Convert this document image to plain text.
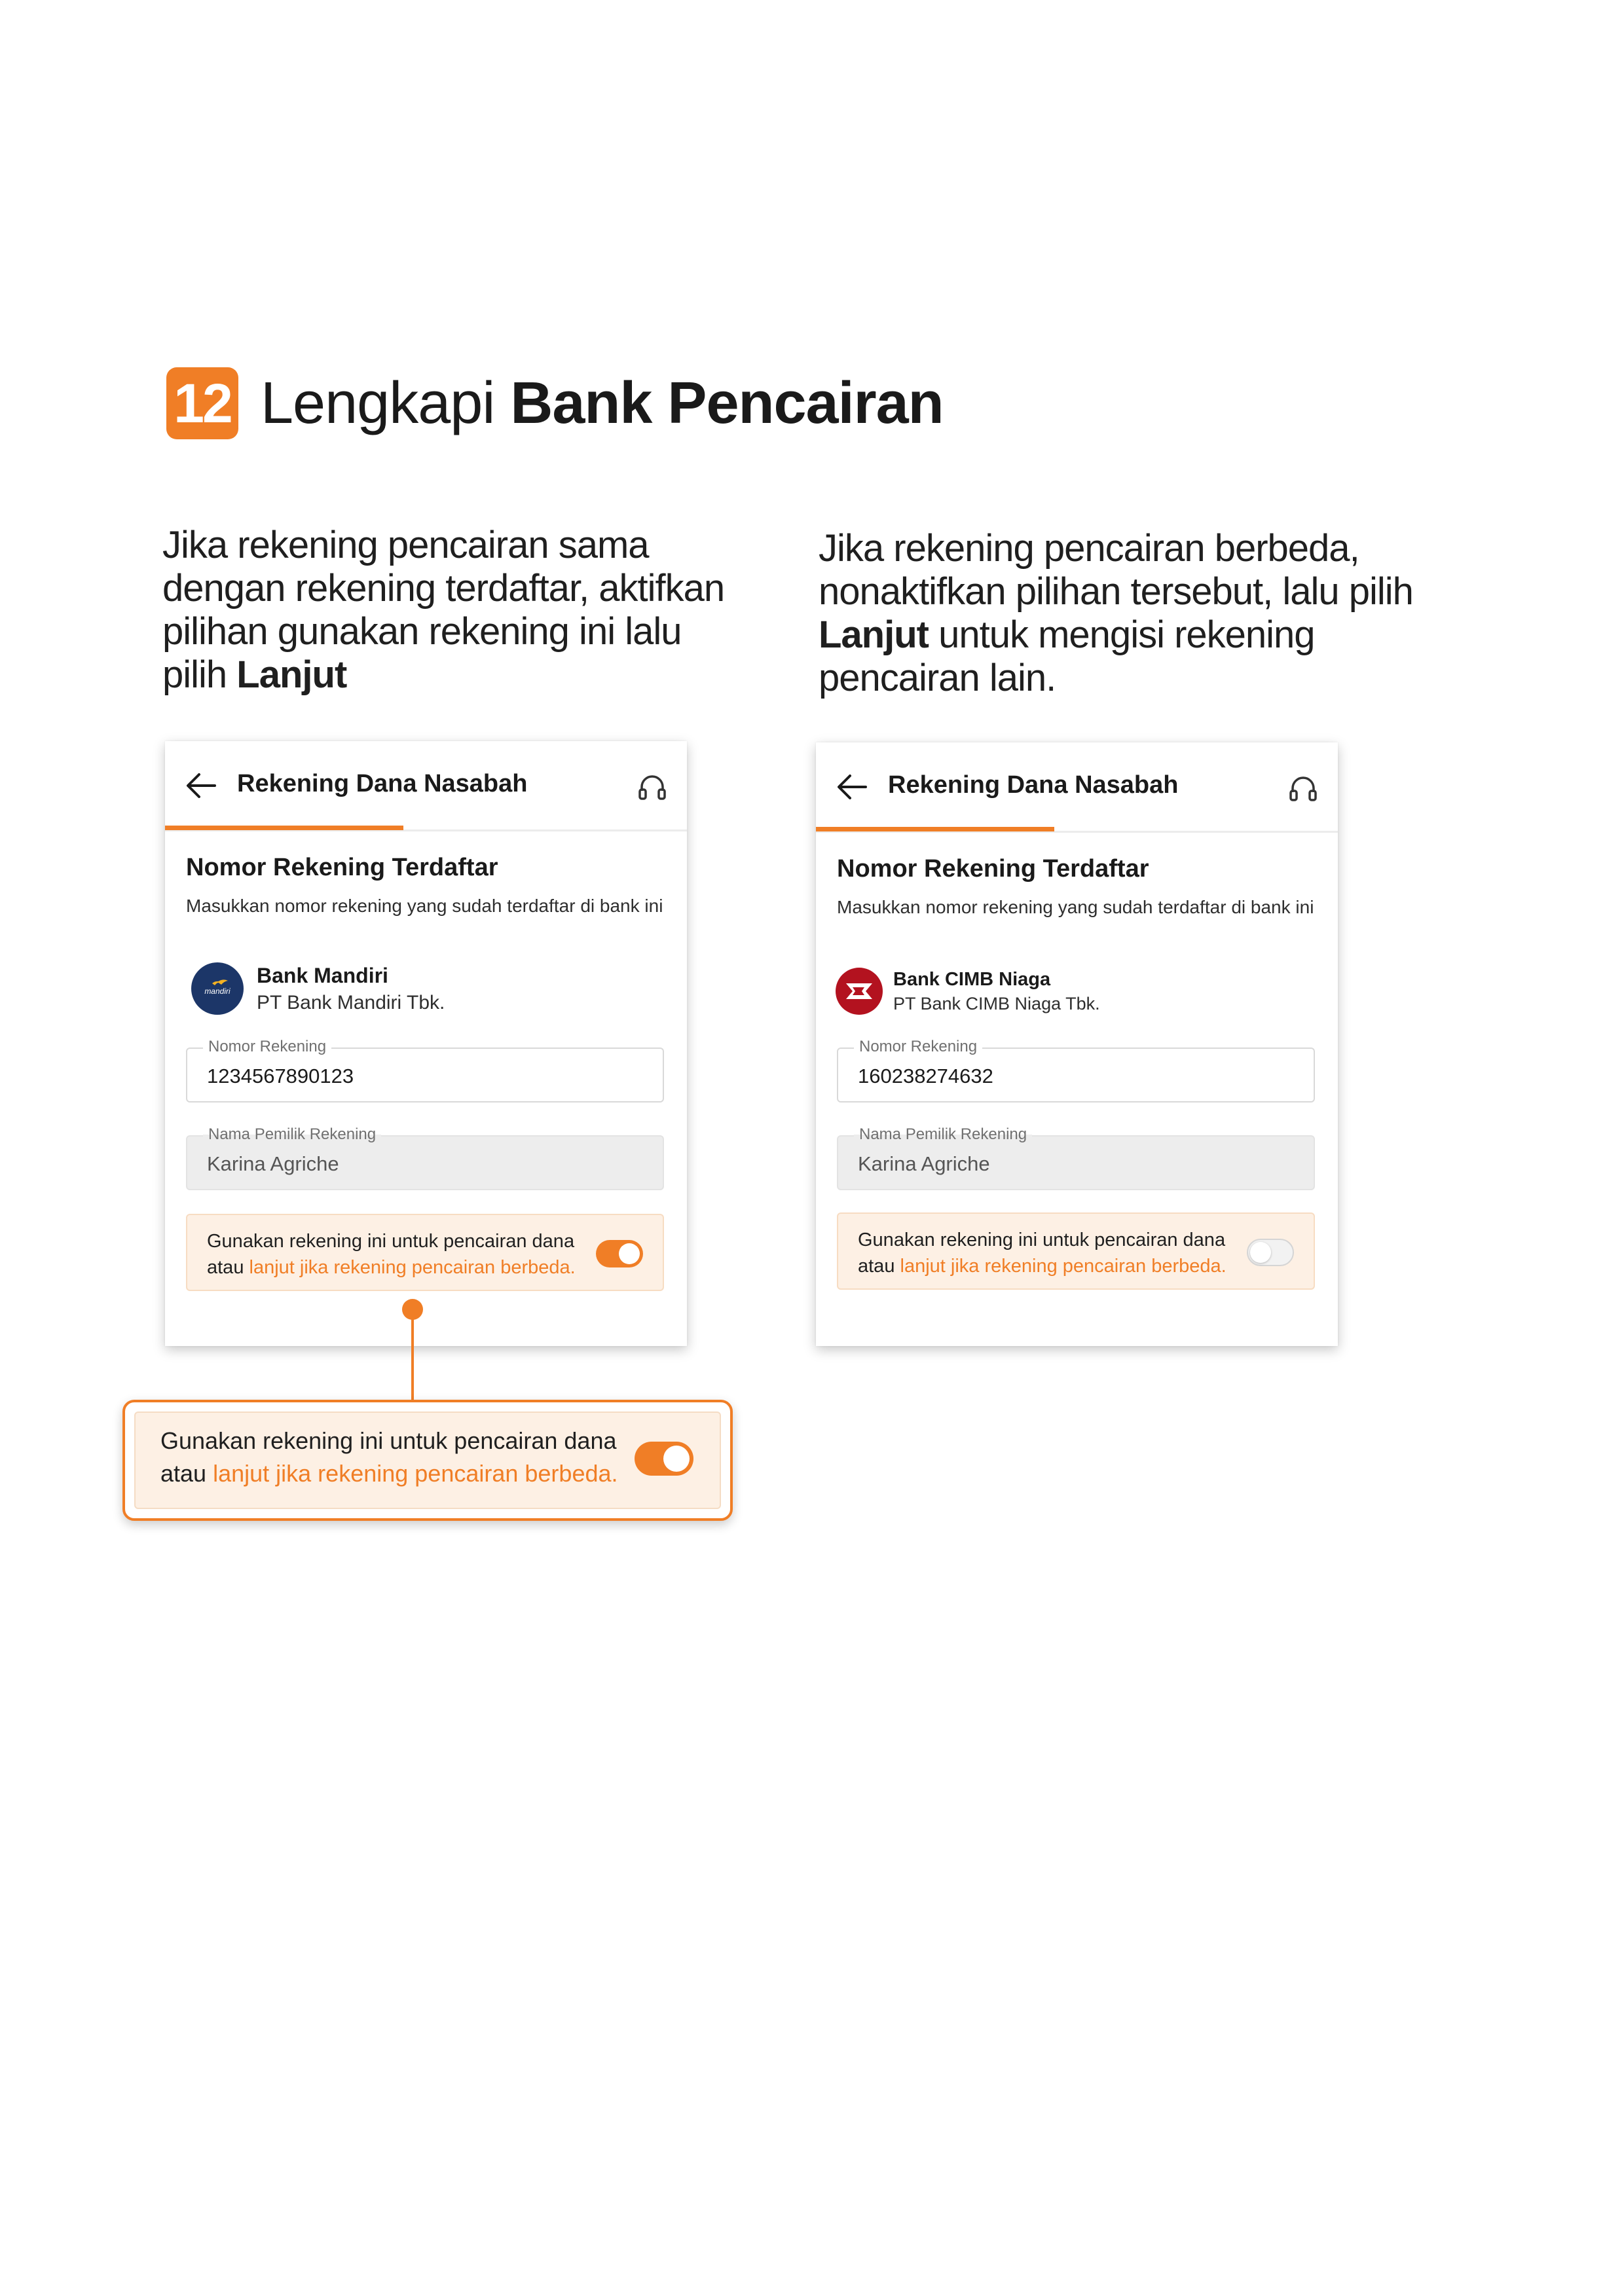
12 Lengkapi Bank Pencairan
Jika rekening pencairan sama dengan rekening terdaftar, aktifkan pilihan gunakan rekening ini lalu pilih Lanjut
Jika rekening pencairan berbeda, nonaktifkan pilihan tersebut, lalu pilih Lanjut untuk mengisi rekening pencairan lain.
Rekening Dana Nasabah
Nomor Rekening Terdaftar
Masukkan nomor rekening yang sudah terdaftar di bank ini
mandiri
Bank Mandiri
PT Bank Mandiri Tbk.
Nomor Rekening
1234567890123
Nama Pemilik Rekening
Karina Agriche
Gunakan rekening ini untuk pencairan dana atau lanjut jika rekening pencairan berbeda.
Rekening Dana Nasabah
Nomor Rekening Terdaftar
Masukkan nomor rekening yang sudah terdaftar di bank ini
Bank CIMB Niaga
PT Bank CIMB Niaga Tbk.
Nomor Rekening
160238274632
Nama Pemilik Rekening
Karina Agriche
Gunakan rekening ini untuk pencairan dana atau lanjut jika rekening pencairan berbeda.
Gunakan rekening ini untuk pencairan dana atau lanjut jika rekening pencairan berbeda.
